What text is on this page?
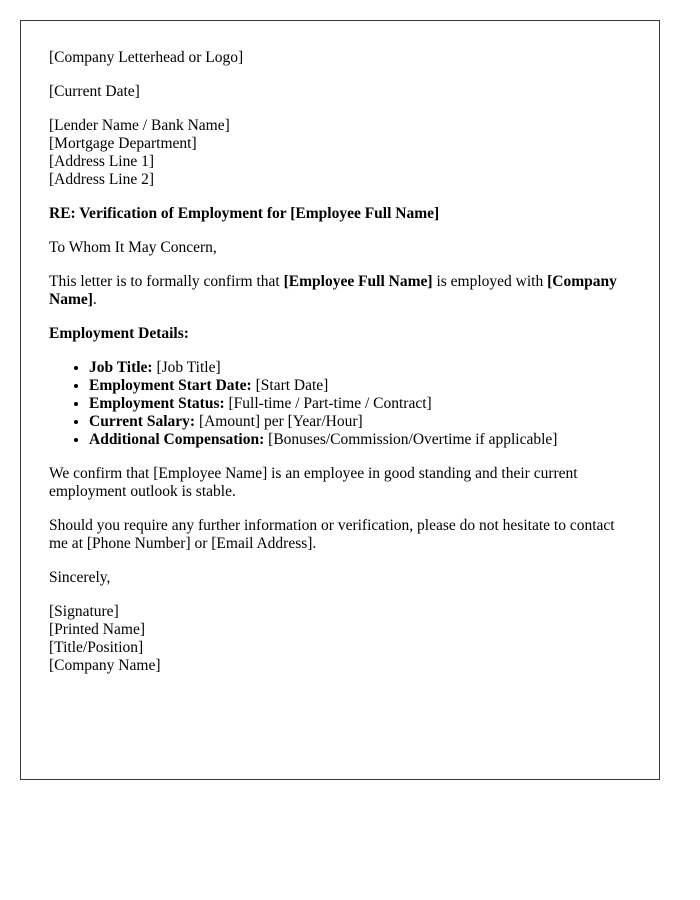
[Company Letterhead or Logo]

[Current Date]

[Lender Name / Bank Name]
[Mortgage Department]
[Address Line 1]
[Address Line 2]

RE: Verification of Employment for [Employee Full Name]

To Whom It May Concern,

This letter is to formally confirm that [Employee Full Name] is employed with [Company Name].

Employment Details:

• Job Title: [Job Title]
• Employment Start Date: [Start Date]
• Employment Status: [Full-time / Part-time / Contract]
• Current Salary: [Amount] per [Year/Hour]
• Additional Compensation: [Bonuses/Commission/Overtime if applicable]

We confirm that [Employee Name] is an employee in good standing and their current employment outlook is stable.

Should you require any further information or verification, please do not hesitate to contact me at [Phone Number] or [Email Address].

Sincerely,

[Signature]
[Printed Name]
[Title/Position]
[Company Name]
